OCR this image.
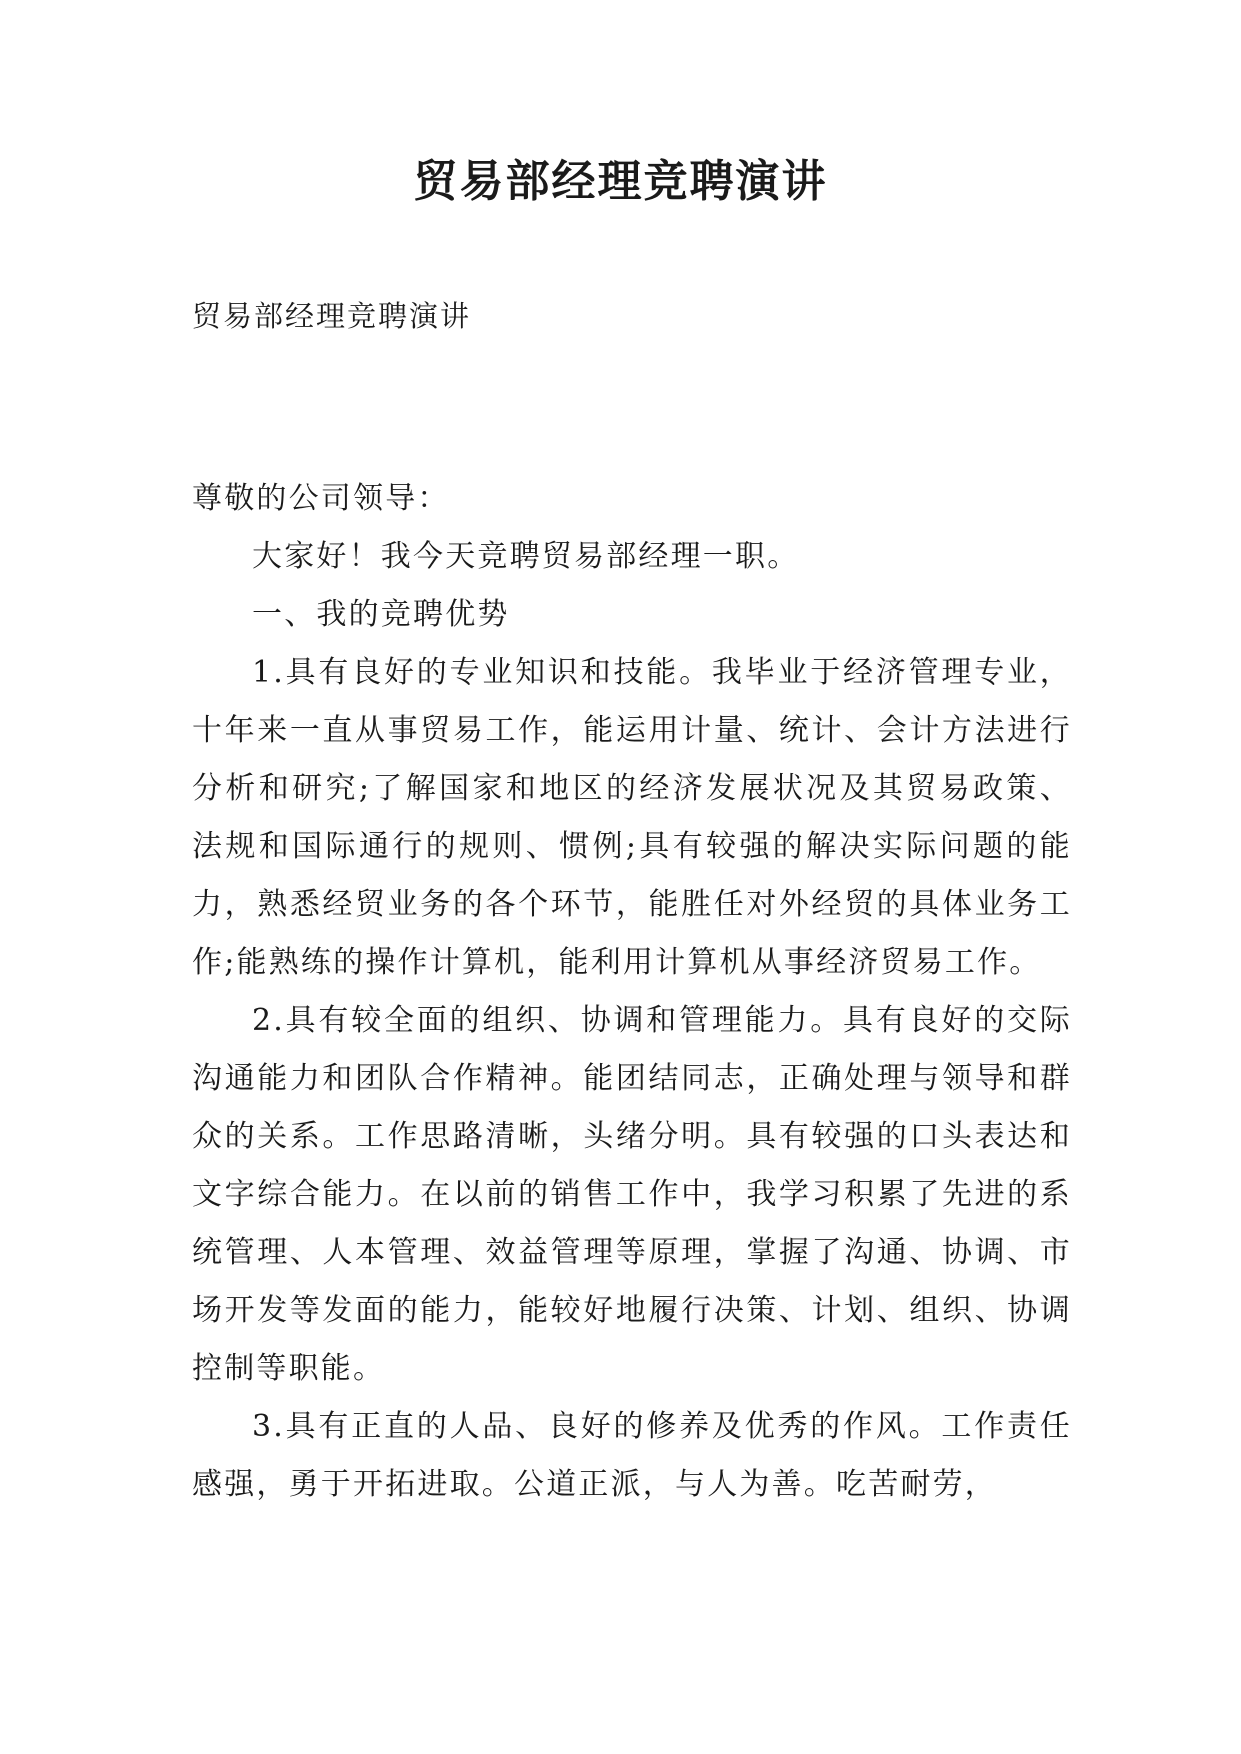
贸易部经理竞聘演讲

贸易部经理竞聘演讲

尊敬的公司领导：

大家好！我今天竞聘贸易部经理一职。

一、我的竞聘优势

1.具有良好的专业知识和技能。我毕业于经济管理专业，十年来一直从事贸易工作，能运用计量、统计、会计方法进行分析和研究;了解国家和地区的经济发展状况及其贸易政策、法规和国际通行的规则、惯例;具有较强的解决实际问题的能力，熟悉经贸业务的各个环节，能胜任对外经贸的具体业务工作;能熟练的操作计算机，能利用计算机从事经济贸易工作。

2.具有较全面的组织、协调和管理能力。具有良好的交际沟通能力和团队合作精神。能团结同志，正确处理与领导和群众的关系。工作思路清晰，头绪分明。具有较强的口头表达和文字综合能力。在以前的销售工作中，我学习积累了先进的系统管理、人本管理、效益管理等原理，掌握了沟通、协调、市场开发等发面的能力，能较好地履行决策、计划、组织、协调控制等职能。

3.具有正直的人品、良好的修养及优秀的作风。工作责任感强，勇于开拓进取。公道正派，与人为善。吃苦耐劳，
